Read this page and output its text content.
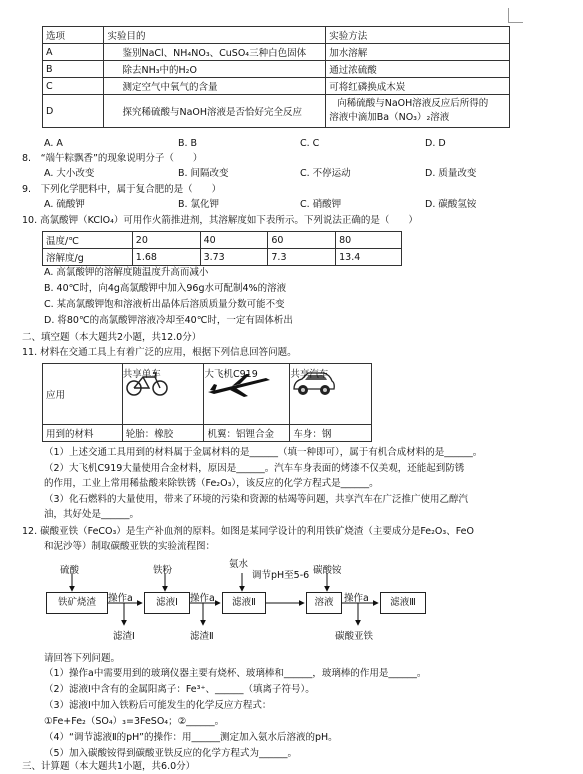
选项	实验目的	实验方法
A	鉴别NaCl、NH₄NO₃、CuSO₄三种白色固体	加水溶解
B	除去NH₃中的H₂O	通过浓硫酸
C	测定空气中氧气的含量	可将红磷换成木炭
D	探究稀硫酸与NaOH溶液是否恰好完全反应	向稀硫酸与NaOH溶液反应后所得的
溶液中滴加Ba（NO₃）₂溶液
A. A	B. B	C. C	D. D
8.　“端午粽飘香”的现象说明分子（　　）
A. 大小改变	B. 间隔改变	C. 不停运动	D. 质量改变
9.　下列化学肥料中，属于复合肥的是（　　）
A. 硫酸钾	B. 氯化钾	C. 硝酸钾	D. 碳酸氢铵
10. 高氯酸钾（KClO₄）可用作火箭推进剂，其溶解度如下表所示。下列说法正确的是（　　）
温度/℃	20	40	60	80
溶解度/g	1.68	3.73	7.3	13.4
A. 高氯酸钾的溶解度随温度升高而减小
B. 40℃时，向4g高氯酸钾中加入96g水可配制4%的溶液
C. 某高氯酸钾饱和溶液析出晶体后溶质质量分数可能不变
D. 将80℃的高氯酸钾溶液冷却至40℃时，一定有固体析出
二、填空题（本大题共2小题，共12.0分）
11. 材料在交通工具上有着广泛的应用，根据下列信息回答问题。
应用	共享单车	大飞机C919	共享汽车

用到的材料	轮胎：橡胶	机翼：铝锂合金	车身：钢
（1）上述交通工具用到的材料属于金属材料的是______（填一种即可），属于有机合成材料的是______。
（2）大飞机C919大量使用合金材料，原因是______。汽车车身表面的烤漆不仅美观，还能起到防锈
的作用，工业上常用稀盐酸来除铁锈（Fe₂O₃），该反应的化学方程式是______。
（3）化石燃料的大量使用，带来了环境的污染和资源的枯竭等问题，共享汽车在广泛推广使用乙醇汽
油，其好处是______。
12. 碳酸亚铁（FeCO₃）是生产补血剂的原料。如图是某同学设计的利用铁矿烧渣（主要成分是Fe₂O₃、FeO
和泥沙等）制取碳酸亚铁的实验流程图：
硫酸	铁粉
氨水
调节pH至5-6 碳酸铵
铁矿烧渣	滤液Ⅰ	滤液Ⅱ	溶液	滤液Ⅲ
操作a	操作a	操作a
滤渣Ⅰ	滤渣Ⅱ	碳酸亚铁
请回答下列问题。
（1）操作a中需要用到的玻璃仪器主要有烧杯、玻璃棒和______，玻璃棒的作用是______。
（2）滤液Ⅰ中含有的金属阳离子：Fe³⁺、______（填离子符号）。
（3）滤液Ⅰ中加入铁粉后可能发生的化学反应方程式：
①Fe+Fe₂（SO₄）₃=3FeSO₄；②______。
（4）“调节滤液Ⅱ的pH”的操作：用______测定加入氨水后溶液的pH。
（5）加入碳酸铵得到碳酸亚铁反应的化学方程式为______。
三、计算题（本大题共1小题，共6.0分）
